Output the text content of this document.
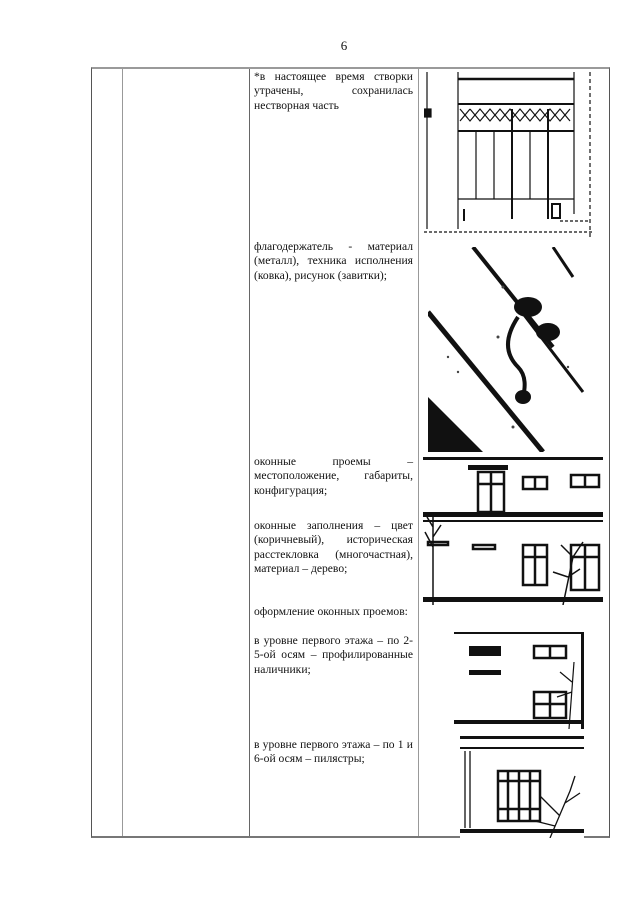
6
*в настоящее время створки утрачены, сохранилась нестворная часть
флагодержатель - материал (металл), техника исполнения (ковка), рисунок (завитки);
оконные проемы – местоположение, габариты, конфигурация;
оконные заполнения – цвет (коричневый), историческая расстекловка (многочастная), материал – дерево;
оформление оконных проемов:
в уровне первого этажа – по 2-5-ой осям – профилированные наличники;
в уровне первого этажа – по 1 и 6-ой осям – пилястры;
